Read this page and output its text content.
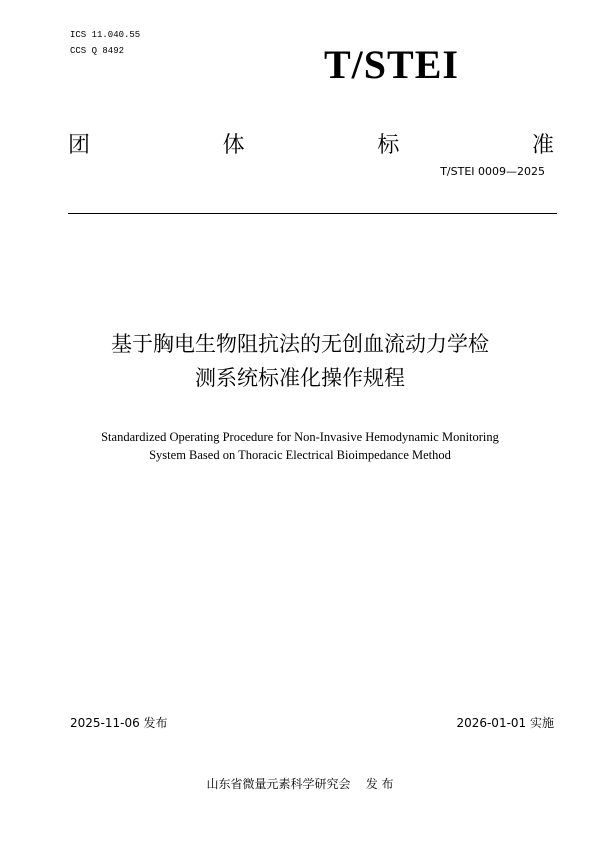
ICS 11.040.55
CCS Q 8492	T/STEI
团	体	标	准
T/STEI 0009—2025
基于胸电生物阻抗法的无创血流动力学检
测系统标准化操作规程
Standardized Operating Procedure for Non-Invasive Hemodynamic Monitoring
System Based on Thoracic Electrical Bioimpedance Method
2025-11-06 发布	2026-01-01 实施
山东省微量元素科学研究会    发 布
